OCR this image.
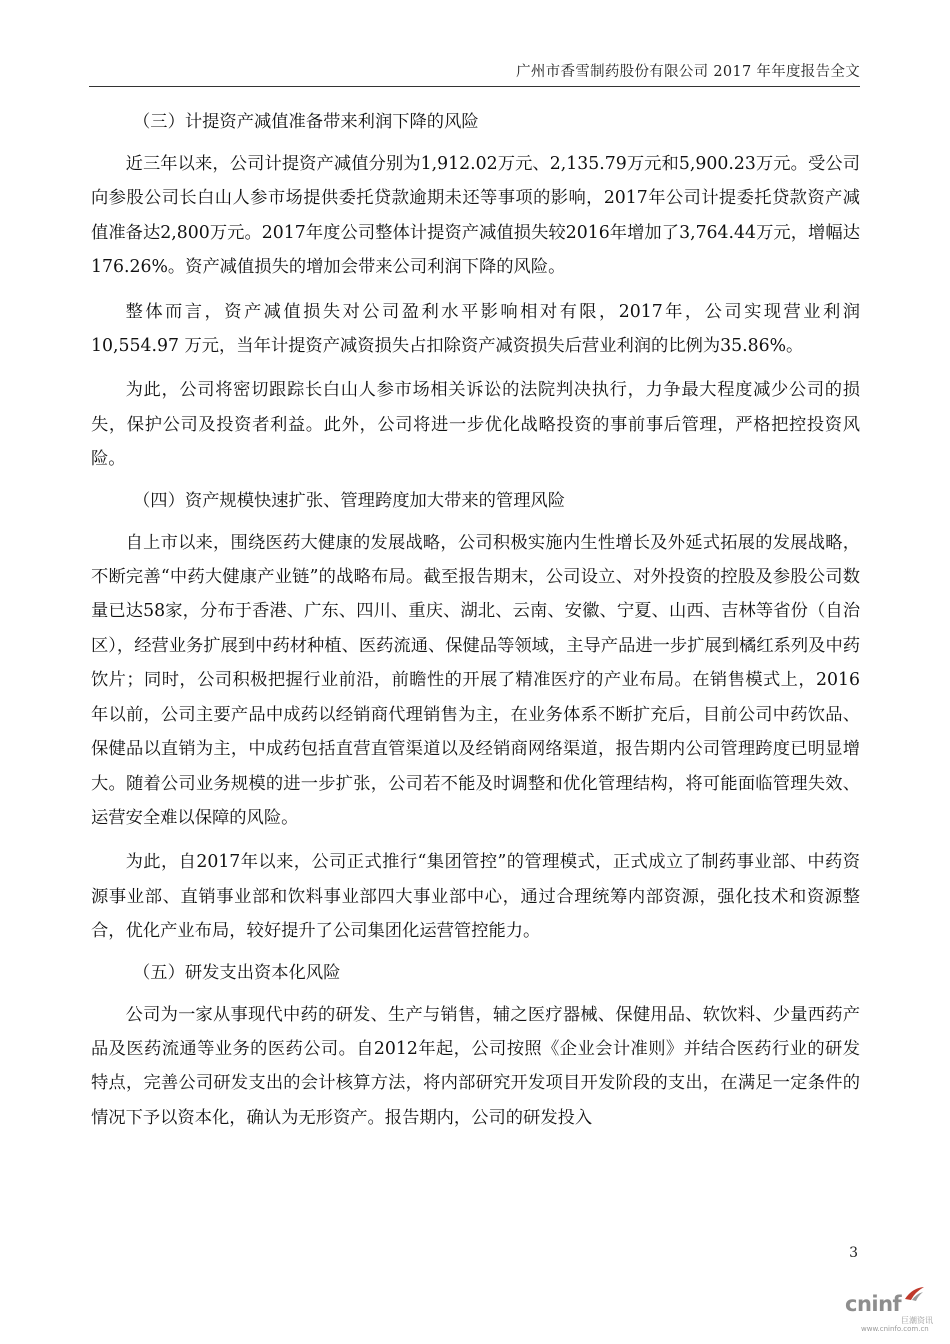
广州市香雪制药股份有限公司 2017 年年度报告全文
（三）计提资产减值准备带来利润下降的风险

近三年以来，公司计提资产减值分别为1,912.02万元、2,135.79万元和5,900.23万元。受公司向参股公司长白山人参市场提供委托贷款逾期未还等事项的影响，2017年公司计提委托贷款资产减值准备达2,800万元。2017年度公司整体计提资产减值损失较2016年增加了3,764.44万元，增幅达176.26%。资产减值损失的增加会带来公司利润下降的风险。

整体而言，资产减值损失对公司盈利水平影响相对有限，2017年，公司实现营业利润10,554.97 万元，当年计提资产减资损失占扣除资产减资损失后营业利润的比例为35.86%。

为此，公司将密切跟踪长白山人参市场相关诉讼的法院判决执行，力争最大程度减少公司的损失，保护公司及投资者利益。此外，公司将进一步优化战略投资的事前事后管理，严格把控投资风险。

（四）资产规模快速扩张、管理跨度加大带来的管理风险

自上市以来，围绕医药大健康的发展战略，公司积极实施内生性增长及外延式拓展的发展战略，不断完善“中药大健康产业链”的战略布局。截至报告期末，公司设立、对外投资的控股及参股公司数量已达58家，分布于香港、广东、四川、重庆、湖北、云南、安徽、宁夏、山西、吉林等省份（自治区），经营业务扩展到中药材种植、医药流通、保健品等领域，主导产品进一步扩展到橘红系列及中药饮片；同时，公司积极把握行业前沿，前瞻性的开展了精准医疗的产业布局。在销售模式上，2016年以前，公司主要产品中成药以经销商代理销售为主，在业务体系不断扩充后，目前公司中药饮品、保健品以直销为主，中成药包括直营直管渠道以及经销商网络渠道，报告期内公司管理跨度已明显增大。随着公司业务规模的进一步扩张，公司若不能及时调整和优化管理结构，将可能面临管理失效、运营安全难以保障的风险。

为此，自2017年以来，公司正式推行“集团管控”的管理模式，正式成立了制药事业部、中药资源事业部、直销事业部和饮料事业部四大事业部中心，通过合理统筹内部资源，强化技术和资源整合，优化产业布局，较好提升了公司集团化运营管控能力。

（五）研发支出资本化风险

公司为一家从事现代中药的研发、生产与销售，辅之医疗器械、保健用品、软饮料、少量西药产品及医药流通等业务的医药公司。自2012年起，公司按照《企业会计准则》并结合医药行业的研发特点，完善公司研发支出的会计核算方法，将内部研究开发项目开发阶段的支出，在满足一定条件的情况下予以资本化，确认为无形资产。报告期内，公司的研发投入

3
cninf
巨潮资讯
www.cninfo.com.cn
